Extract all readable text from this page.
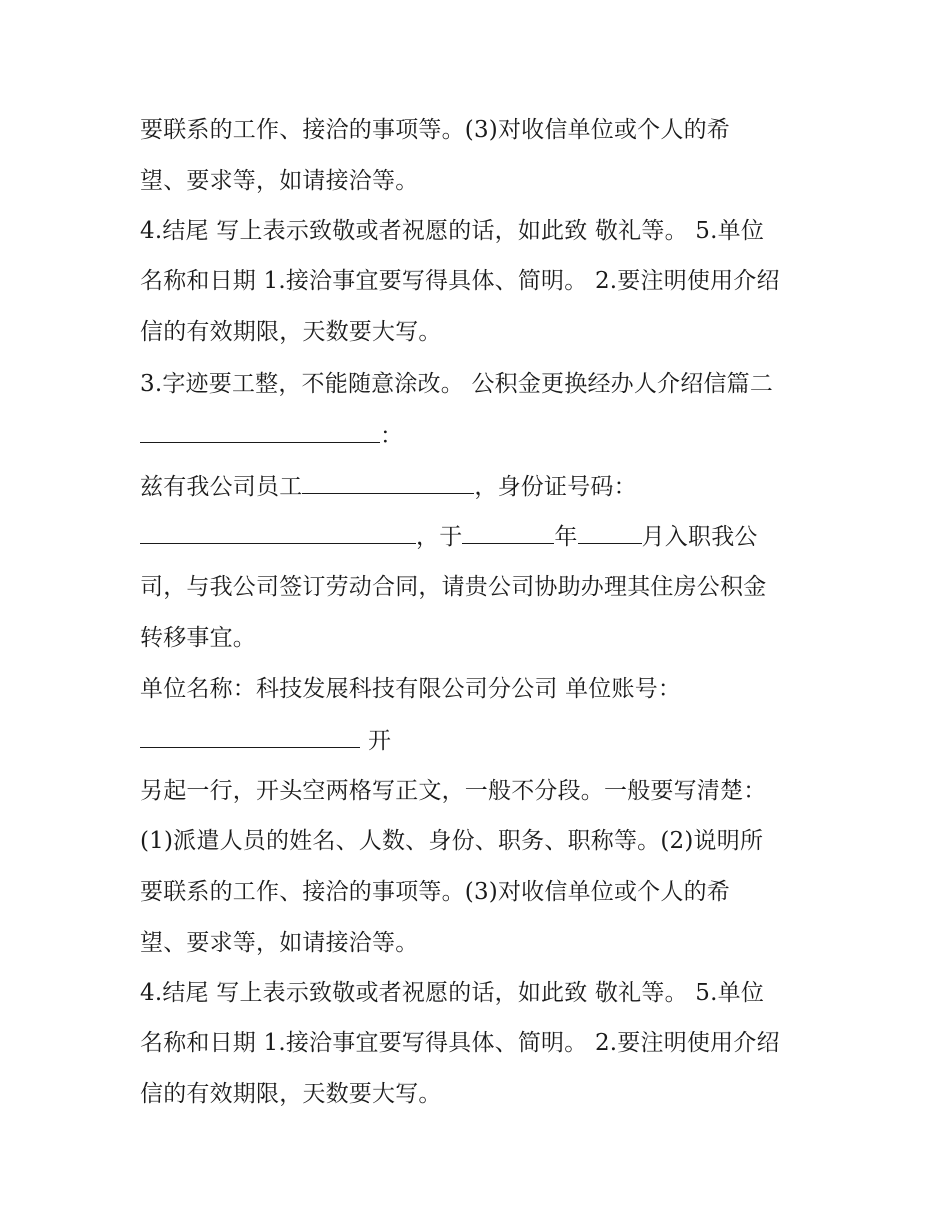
要联系的工作、接洽的事项等。(3)对收信单位或个人的希
望、要求等，如请接洽等。
4.结尾 写上表示致敬或者祝愿的话，如此致 敬礼等。 5.单位
名称和日期 1.接洽事宜要写得具体、简明。 2.要注明使用介绍
信的有效期限，天数要大写。
3.字迹要工整，不能随意涂改。 公积金更换经办人介绍信篇二
：
兹有我公司员工	，身份证号码：
，于	年	月入职我公
司，与我公司签订劳动合同，请贵公司协助办理其住房公积金
转移事宜。
单位名称：科技发展科技有限公司分公司 单位账号：
开
另起一行，开头空两格写正文，一般不分段。一般要写清楚：
(1)派遣人员的姓名、人数、身份、职务、职称等。(2)说明所
要联系的工作、接洽的事项等。(3)对收信单位或个人的希
望、要求等，如请接洽等。
4.结尾 写上表示致敬或者祝愿的话，如此致 敬礼等。 5.单位
名称和日期 1.接洽事宜要写得具体、简明。 2.要注明使用介绍
信的有效期限，天数要大写。
